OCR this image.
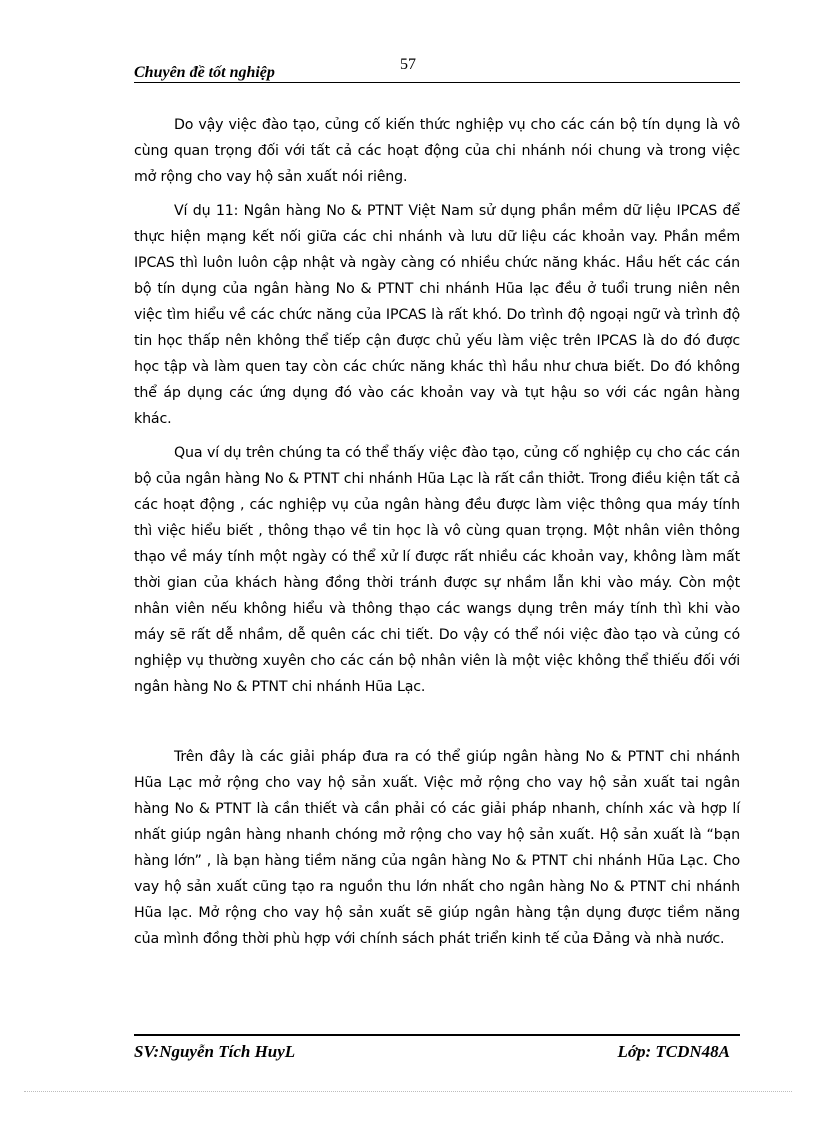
57
Chuyên đề tốt nghiệp

Do vậy việc đào tạo, củng cố kiến thức nghiệp vụ cho các cán bộ tín dụng là vô cùng quan trọng đối với tất cả các hoạt động của chi nhánh nói chung và trong việc mở rộng cho vay hộ sản xuất nói riêng.

Ví dụ 11: Ngân hàng No & PTNT Việt Nam sử dụng phần mềm dữ liệu IPCAS để thực hiện mạng kết nối giữa các chi nhánh và lưu dữ liệu các khoản vay. Phần mềm IPCAS thì luôn luôn cập nhật và ngày càng có nhiều chức năng khác. Hầu hết các cán bộ tín dụng của ngân hàng No & PTNT chi nhánh Hũa lạc đều ở tuổi trung niên nên việc tìm hiểu về các chức năng của IPCAS là rất khó. Do trình độ ngoại ngữ và trình độ tin học thấp nên không thể tiếp cận được chủ yếu làm việc trên IPCAS là do đó được học tập và làm quen tay còn các chức năng khác thì hầu như chưa biết. Do đó không thể áp dụng các ứng dụng đó vào các khoản vay và tụt hậu so với các ngân hàng khác.

Qua ví dụ trên chúng ta có thể thấy việc đào tạo, củng cố nghiệp cụ cho các cán bộ của ngân hàng No & PTNT chi nhánh Hũa Lạc là rất cần thiởt. Trong điều kiện tất cả các hoạt động , các nghiệp vụ của ngân hàng đều được làm việc thông qua máy tính thì việc hiểu biết , thông thạo về tin học là vô cùng quan trọng. Một nhân viên thông thạo về máy tính một ngày có thể xử lí được rất nhiều các khoản vay, không làm mất thời gian của khách hàng đồng thời tránh được sự nhầm lẫn khi vào máy. Còn một nhân viên nếu không hiểu và thông thạo các wangs dụng trên máy tính thì khi vào máy sẽ rất dễ nhầm, dễ quên các chi tiết. Do vậy có thể nói việc đào tạo và củng có nghiệp vụ thường xuyên cho các cán bộ nhân viên là một việc không thể thiếu đối với ngân hàng No & PTNT chi nhánh Hũa Lạc.

Trên đây là các giải pháp đưa ra có thể giúp ngân hàng No & PTNT chi nhánh Hũa Lạc mở rộng cho vay hộ sản xuất. Việc mở rộng cho vay hộ sản xuất tai ngân hàng No & PTNT là cần thiết và cần phải có các giải pháp nhanh, chính xác và hợp lí nhất giúp ngân hàng nhanh chóng mở rộng cho vay hộ sản xuất. Hộ sản xuất là “bạn hàng lớn” , là bạn hàng tiềm năng của ngân hàng No & PTNT chi nhánh Hũa Lạc. Cho vay hộ sản xuất cũng tạo ra nguồn thu lớn nhất cho ngân hàng No & PTNT chi nhánh Hũa lạc. Mở rộng cho vay hộ sản xuất sẽ giúp ngân hàng tận dụng được tiềm năng của mình đồng thời phù hợp với chính sách phát triển kinh tế của Đảng và nhà nước.

SV:Nguyễn Tích HuyL	Lớp: TCDN48A
